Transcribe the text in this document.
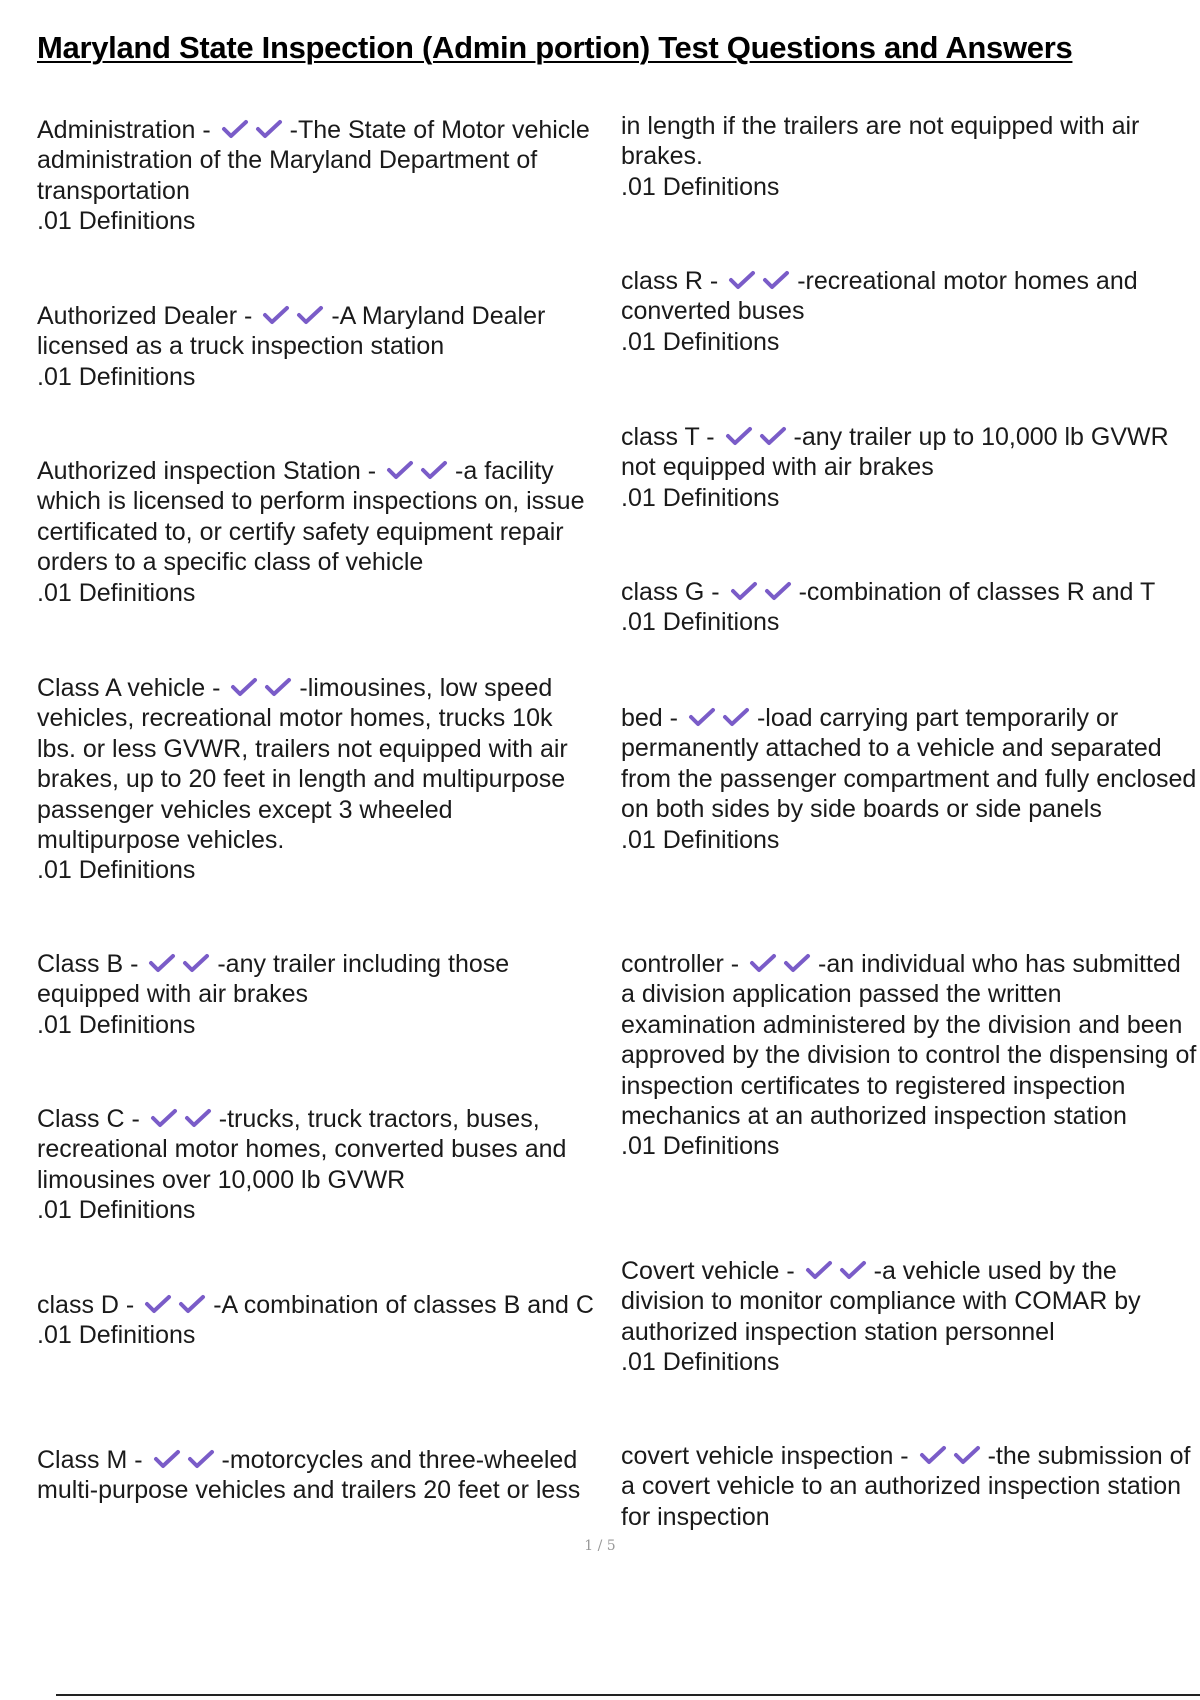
Maryland State Inspection (Admin portion) Test Questions and Answers
Administration -	-The State of Motor vehicle administration of the Maryland Department of transportation
.01 Definitions
Authorized Dealer -	-A Maryland Dealer licensed as a truck inspection station
.01 Definitions
Authorized inspection Station -	-a facility which is licensed to perform inspections on, issue certificated to, or certify safety equipment repair orders to a specific class of vehicle
.01 Definitions
Class A vehicle -	-limousines, low speed vehicles, recreational motor homes, trucks 10k lbs. or less GVWR, trailers not equipped with air brakes, up to 20 feet in length and multipurpose passenger vehicles except 3 wheeled multipurpose vehicles.
.01 Definitions
Class B -	-any trailer including those equipped with air brakes
.01 Definitions
Class C -	-trucks, truck tractors, buses, recreational motor homes, converted buses and limousines over 10,000 lb GVWR
.01 Definitions
class D -	-A combination of classes B and C
.01 Definitions
Class M -	-motorcycles and three-wheeled multi-purpose vehicles and trailers 20 feet or less
in length if the trailers are not equipped with air brakes.
.01 Definitions
class R -	-recreational motor homes and converted buses
.01 Definitions
class T -	-any trailer up to 10,000 lb GVWR not equipped with air brakes
.01 Definitions
class G -	-combination of classes R and T
.01 Definitions
bed -	-load carrying part temporarily or permanently attached to a vehicle and separated from the passenger compartment and fully enclosed on both sides by side boards or side panels
.01 Definitions
controller -	-an individual who has submitted a division application passed the written examination administered by the division and been approved by the division to control the dispensing of inspection certificates to registered inspection mechanics at an authorized inspection station
.01 Definitions
Covert vehicle -	-a vehicle used by the division to monitor compliance with COMAR by authorized inspection station personnel
.01 Definitions
covert vehicle inspection -	-the submission of a covert vehicle to an authorized inspection station for inspection
1 / 5
